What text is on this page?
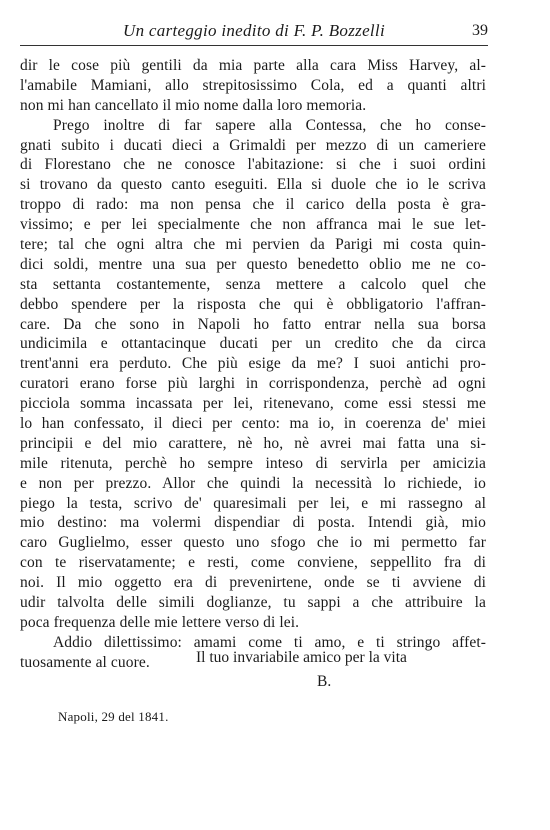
Un carteggio inedito di F. P. Bozzelli	39
dir le cose più gentili da mia parte alla cara Miss Harvey, al-
l'amabile Mamiani, allo strepitosissimo Cola, ed a quanti altri
non mi han cancellato il mio nome dalla loro memoria.
Prego inoltre di far sapere alla Contessa, che ho conse-
gnati subito i ducati dieci a Grimaldi per mezzo di un cameriere
di Florestano che ne conosce l'abitazione: si che i suoi ordini
si trovano da questo canto eseguiti. Ella si duole che io le scriva
troppo di rado: ma non pensa che il carico della posta è gra-
vissimo; e per lei specialmente che non affranca mai le sue let-
tere; tal che ogni altra che mi pervien da Parigi mi costa quin-
dici soldi, mentre una sua per questo benedetto oblio me ne co-
sta settanta costantemente, senza mettere a calcolo quel che
debbo spendere per la risposta che qui è obbligatorio l'affran-
care. Da che sono in Napoli ho fatto entrar nella sua borsa
undicimila e ottantacinque ducati per un credito che da circa
trent'anni era perduto. Che più esige da me? I suoi antichi pro-
curatori erano forse più larghi in corrispondenza, perchè ad ogni
picciola somma incassata per lei, ritenevano, come essi stessi me
lo han confessato, il dieci per cento: ma io, in coerenza de' miei
principii e del mio carattere, nè ho, nè avrei mai fatta una si-
mile ritenuta, perchè ho sempre inteso di servirla per amicizia
e non per prezzo. Allor che quindi la necessità lo richiede, io
piego la testa, scrivo de' quaresimali per lei, e mi rassegno al
mio destino: ma volermi dispendiar di posta. Intendi già, mio
caro Guglielmo, esser questo uno sfogo che io mi permetto far
con te riservatamente; e resti, come conviene, seppellito fra di
noi. Il mio oggetto era di prevenirtene, onde se ti avviene di
udir talvolta delle simili doglianze, tu sappi a che attribuire la
poca frequenza delle mie lettere verso di lei.
Addio dilettissimo: amami come ti amo, e ti stringo affet-
tuosamente al cuore.	Il tuo invariabile amico per la vita
B.
Napoli, 29 del 1841.
